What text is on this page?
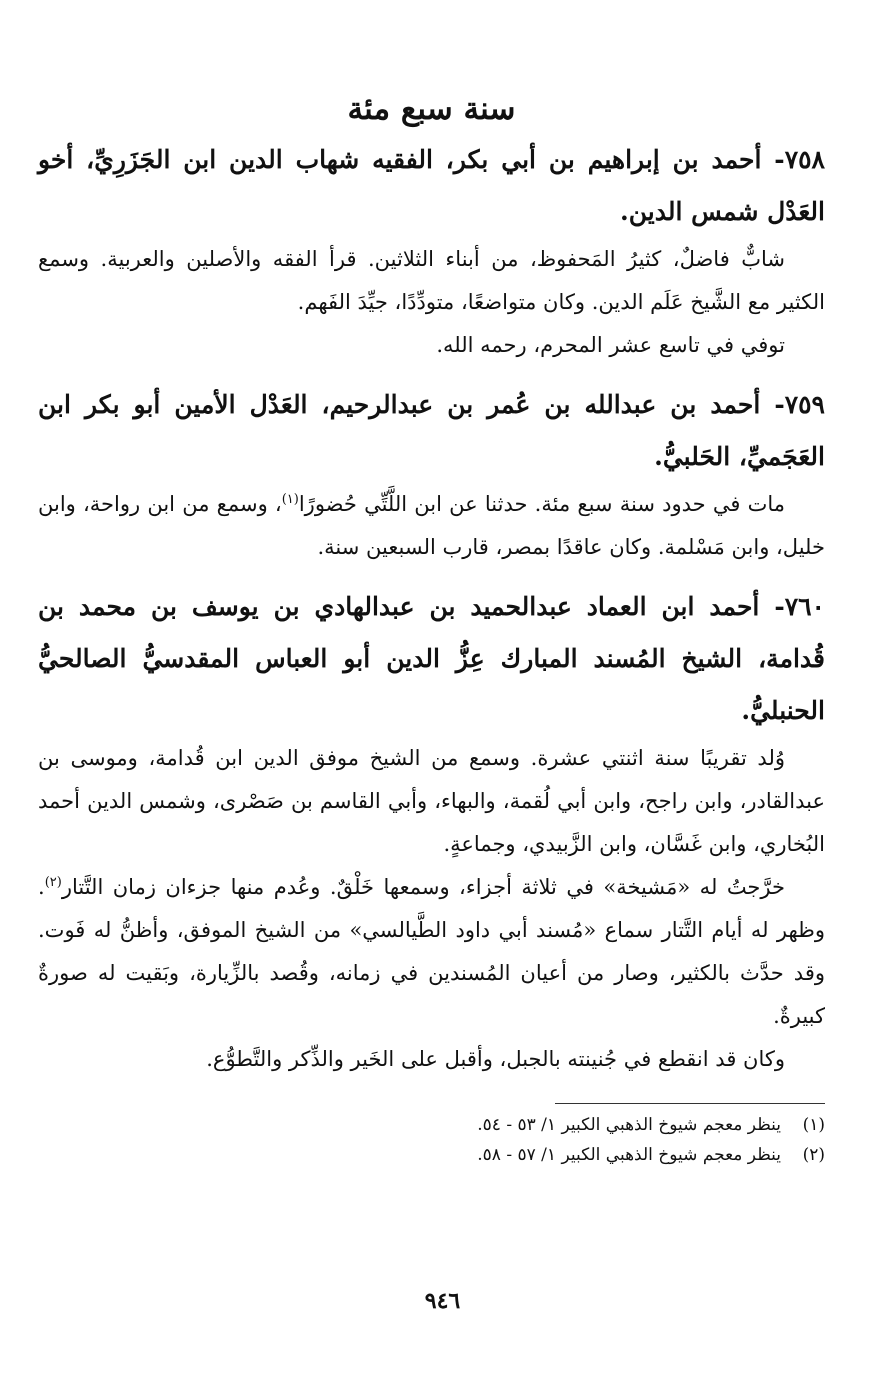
سنة سبع مئة

٧٥٨- أحمد بن إبراهيم بن أبي بكر، الفقيه شهاب الدين ابن الجَزَرِيِّ، أخو العَدْل شمس الدين.

شابٌّ فاضلٌ، كثيرُ المَحفوظ، من أبناء الثلاثين. قرأ الفقه والأصلين والعربية. وسمع الكثير مع الشَّيخ عَلَم الدين. وكان متواضعًا، متودِّدًا، جيِّدَ الفَهم.

توفي في تاسع عشر المحرم، رحمه الله.

٧٥٩- أحمد بن عبدالله بن عُمر بن عبدالرحيم، العَدْل الأمين أبو بكر ابن العَجَميِّ، الحَلبيُّ.

مات في حدود سنة سبع مئة. حدثنا عن ابن اللَّتِّي حُضورًا$^{(١)}$، وسمع من ابن رواحة، وابن خليل، وابن مَسْلمة. وكان عاقدًا بمصر، قارب السبعين سنة.

٧٦٠- أحمد ابن العماد عبدالحميد بن عبدالهادي بن يوسف بن محمد بن قُدامة، الشيخ المُسند المبارك عِزُّ الدين أبو العباس المقدسيُّ الصالحيُّ الحنبليُّ.

وُلد تقريبًا سنة اثنتي عشرة. وسمع من الشيخ موفق الدين ابن قُدامة، وموسى بن عبدالقادر، وابن راجح، وابن أبي لُقمة، والبهاء، وأبي القاسم بن صَصْرى، وشمس الدين أحمد البُخاري، وابن غَسَّان، وابن الزَّبيدي، وجماعةٍ.

خرَّجتُ له «مَشيخة» في ثلاثة أجزاء، وسمعها خَلْقٌ. وعُدم منها جزءان زمان التَّتار$^{(٢)}$. وظهر له أيام التَّتار سماع «مُسند أبي داود الطَّيالسي» من الشيخ الموفق، وأظنُّ له فَوت. وقد حدَّث بالكثير، وصار من أعيان المُسندين في زمانه، وقُصد بالزِّيارة، وبَقيت له صورةٌ كبيرةٌ.

وكان قد انقطع في جُنينته بالجبل، وأقبل على الخَير والذِّكر والتَّطوُّع.

(١)ينظر معجم شيوخ الذهبي الكبير ١/ ٥٣ - ٥٤.

(٢)ينظر معجم شيوخ الذهبي الكبير ١/ ٥٧ - ٥٨.

٩٤٦
